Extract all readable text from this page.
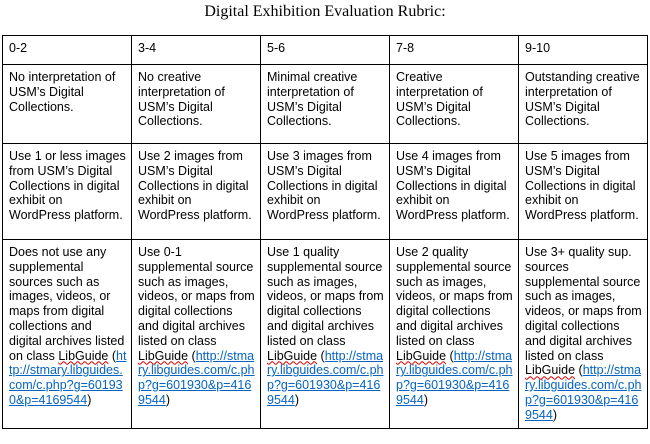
Digital Exhibition Evaluation Rubric:
0-2	3-4	5-6	7-8	9-10
No interpretation of USM’s Digital Collections.	No creative interpretation of USM’s Digital Collections.	Minimal creative interpretation of USM’s Digital Collections.	Creative interpretation of USM’s Digital Collections.	Outstanding creative interpretation of USM’s Digital Collections.
Use 1 or less images from USM’s Digital Collections in digital exhibit on WordPress platform.	Use 2 images from USM’s Digital Collections in digital exhibit on WordPress platform.	Use 3 images from USM’s Digital Collections in digital exhibit on WordPress platform.	Use 4 images from USM’s Digital Collections in digital exhibit on WordPress platform.	Use 5 images from USM’s Digital Collections in digital exhibit on WordPress platform.
Does not use any supplemental sources such as images, videos, or maps from digital collections and digital archives listed on class LibGuide (http://stmary.libguides.com/c.php?g=601930&p=4169544)	Use 0-1 supplemental source such as images, videos, or maps from digital collections and digital archives listed on class LibGuide (http://stmary.libguides.com/c.php?g=601930&p=4169544)	Use 1 quality supplemental source such as images, videos, or maps from digital collections and digital archives listed on class LibGuide (http://stmary.libguides.com/c.php?g=601930&p=4169544)	Use 2 quality supplemental source such as images, videos, or maps from digital collections and digital archives listed on class LibGuide (http://stmary.libguides.com/c.php?g=601930&p=4169544)	Use 3+ quality sup. sources supplemental source such as images, videos, or maps from digital collections and digital archives listed on class LibGuide (http://stmary.libguides.com/c.php?g=601930&p=4169544)
